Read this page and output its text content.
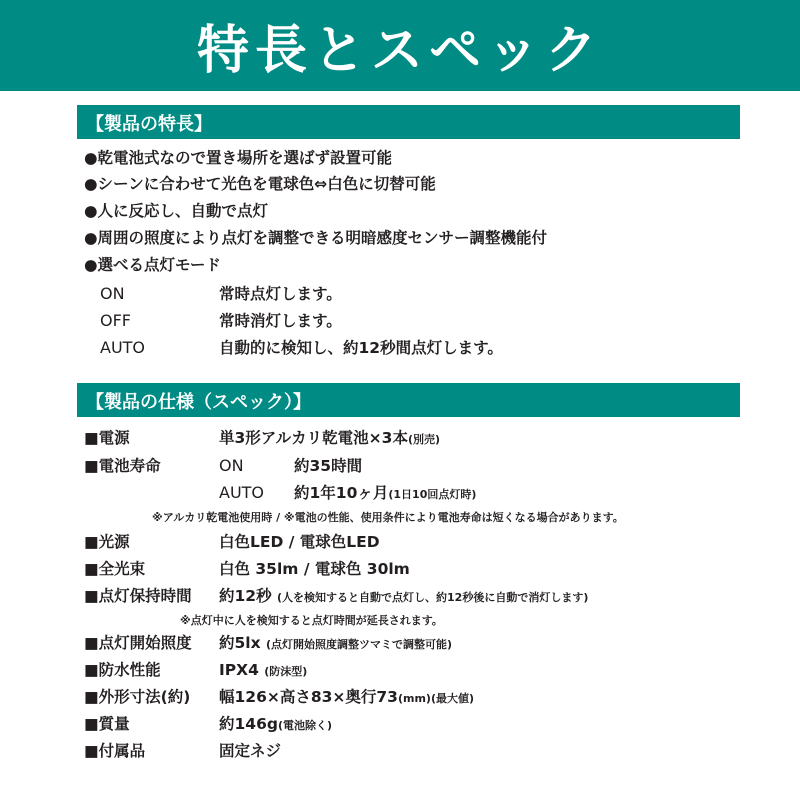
特長とスペック
【製品の特長】
●乾電池式なので置き場所を選ばず設置可能
●シーンに合わせて光色を電球色⇔白色に切替可能
●人に反応し、自動で点灯
●周囲の照度により点灯を調整できる明暗感度センサー調整機能付
●選べる点灯モード
ON	常時点灯します。
OFF	常時消灯します。
AUTO	自動的に検知し、約12秒間点灯します。
【製品の仕様（スペック）】
■電源	単3形アルカリ乾電池×3本(別売)
■電池寿命	ON	約35時間
AUTO 約1年10ヶ月(1日10回点灯時)
※アルカリ乾電池使用時 / ※電池の性能、使用条件により電池寿命は短くなる場合があります。
■光源	白色LED / 電球色LED
■全光束	白色 35lm / 電球色 30lm
■点灯保持時間 約12秒 (人を検知すると自動で点灯し、約12秒後に自動で消灯します)
※点灯中に人を検知すると点灯時間が延長されます。
■点灯開始照度 約5lx (点灯開始照度調整ツマミで調整可能)
■防水性能	IPX4 (防沫型)
■外形寸法(約) 幅126×高さ83×奥行73(mm)(最大値)
■質量	約146g(電池除く)
■付属品	固定ネジ
